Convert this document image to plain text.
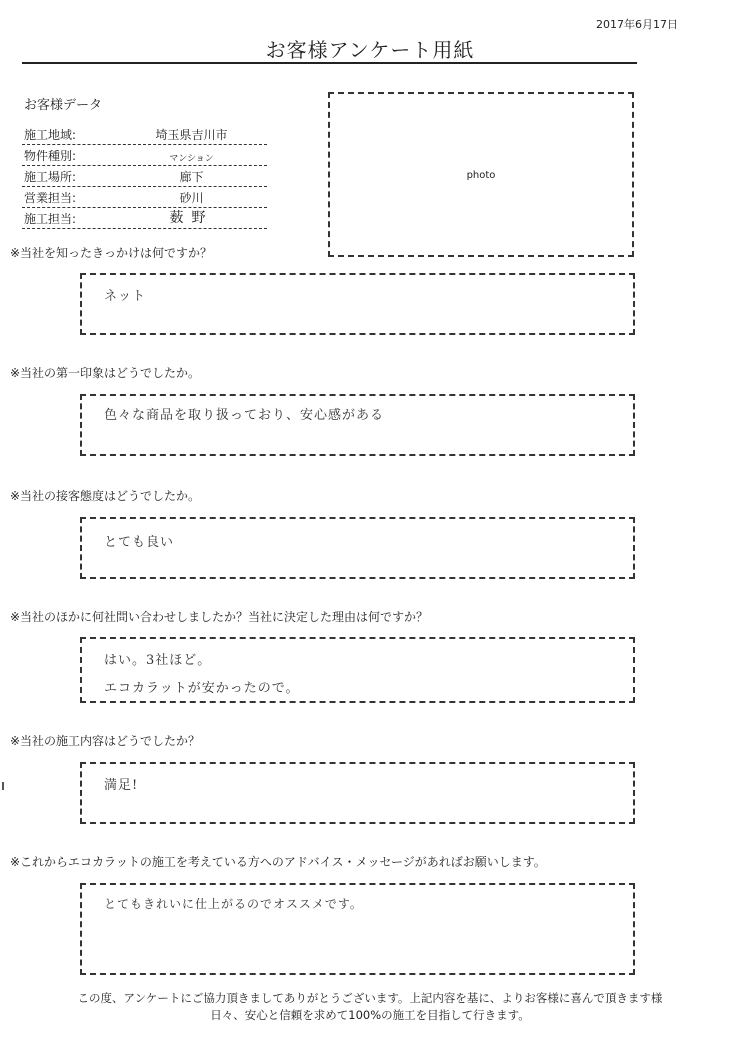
2017年6月17日
お客様アンケート用紙
お客様データ
施工地域:	埼玉県吉川市
物件種別:	マンション
施工場所:	廊下
営業担当:	砂川
施工担当:	薮野
photo
※当社を知ったきっかけは何ですか？
ネット
※当社の第一印象はどうでしたか。
色々な商品を取り扱っており、安心感がある
※当社の接客態度はどうでしたか。
とても良い
※当社のほかに何社問い合わせしましたか？当社に決定した理由は何ですか？
はい。3社ほど。
エコカラットが安かったので。
※当社の施工内容はどうでしたか？
満足!
※これからエコカラットの施工を考えている方へのアドバイス・メッセージがあればお願いします。
とてもきれいに仕上がるのでオススメです。
この度、アンケートにご協力頂きましてありがとうございます。上記内容を基に、よりお客様に喜んで頂きます様
日々、安心と信頼を求めて100%の施工を目指して行きます。
